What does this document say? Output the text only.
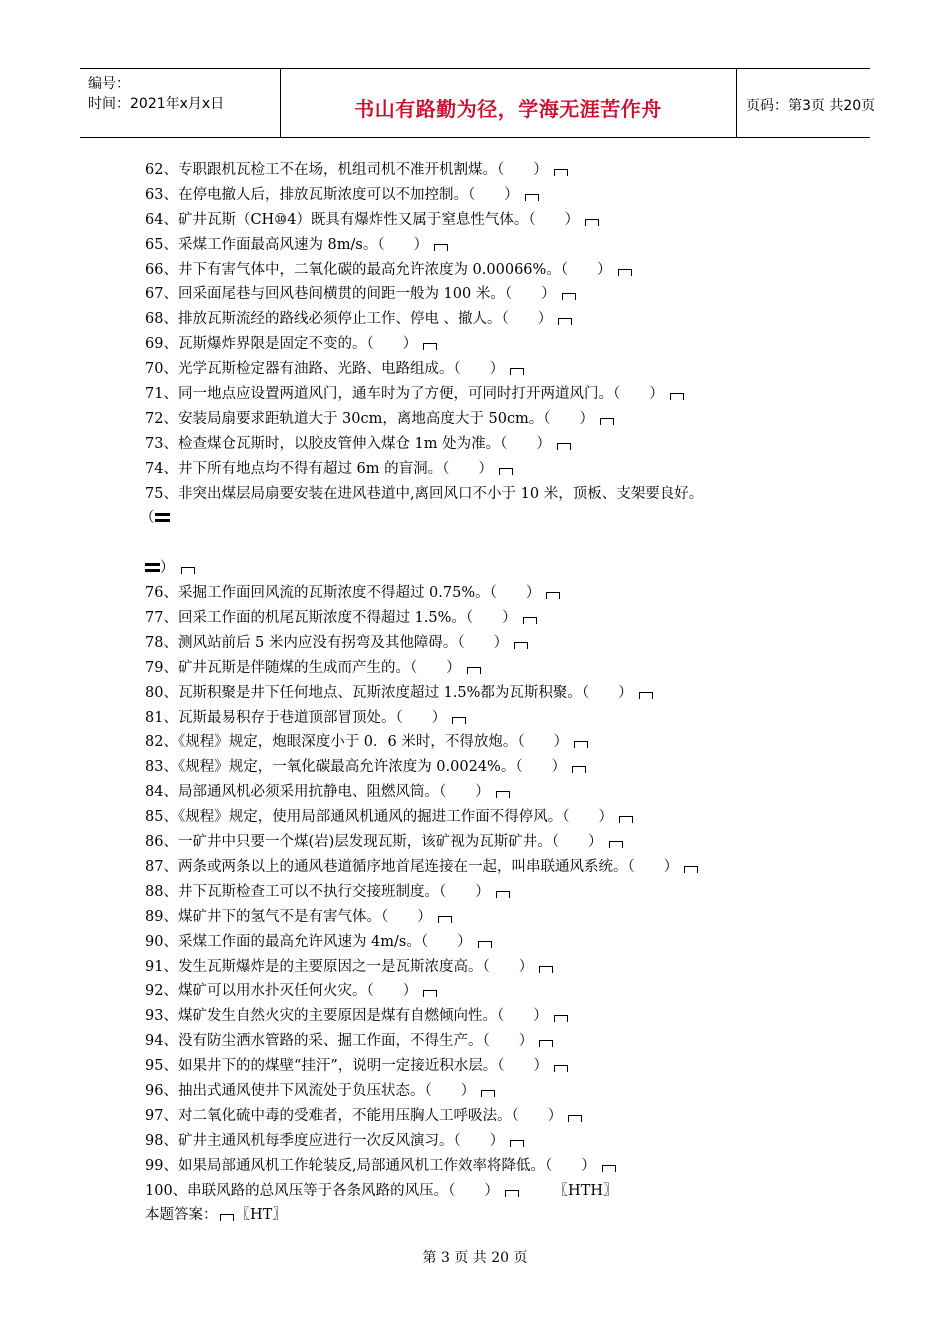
编号：
时间：2021年x月x日	书山有路勤为径，学海无涯苦作舟	页码：第3页 共20页
62、专职跟机瓦检工不在场，机组司机不准开机割煤。（　　）
63、在停电撤人后，排放瓦斯浓度可以不加控制。（　　）
64、矿井瓦斯（CH⑩4）既具有爆炸性又属于窒息性气体。（　　）
65、采煤工作面最高风速为 8m/s。（　　）
66、井下有害气体中，二氧化碳的最高允许浓度为 0.00066%。（　　）
67、回采面尾巷与回风巷间横贯的间距一般为 100 米。（　　）
68、排放瓦斯流经的路线必须停止工作、停电 、撤人。（　　）
69、瓦斯爆炸界限是固定不变的。（　　）
70、光学瓦斯检定器有油路、光路、电路组成。（　　）
71、同一地点应设置两道风门，通车时为了方便，可同时打开两道风门。（　　）
72、安装局扇要求距轨道大于 30cm，离地高度大于 50cm。（　　）
73、检查煤仓瓦斯时，以胶皮管伸入煤仓 1m 处为准。（　　）
74、井下所有地点均不得有超过 6m 的盲洞。（　　）
75、非突出煤层局扇要安装在进风巷道中,离回风口不小于 10 米，顶板、支架要良好。
（
）
76、采掘工作面回风流的瓦斯浓度不得超过 0.75%。（　　）
77、回采工作面的机尾瓦斯浓度不得超过 1.5%。（　　）
78、测风站前后 5 米内应没有拐弯及其他障碍。（　　）
79、矿井瓦斯是伴随煤的生成而产生的。（　　）
80、瓦斯积聚是井下任何地点、瓦斯浓度超过 1.5%都为瓦斯积聚。（　　）
81、瓦斯最易积存于巷道顶部冒顶处。（　　）
82、《规程》规定，炮眼深度小于 0．6 米时，不得放炮。（　　）
83、《规程》规定，一氧化碳最高允许浓度为 0.0024%。（　　）
84、局部通风机必须采用抗静电、阻燃风筒。（　　）
85、《规程》规定，使用局部通风机通风的掘进工作面不得停风。（　　）
86、一矿井中只要一个煤(岩)层发现瓦斯，该矿视为瓦斯矿井。（　　）
87、两条或两条以上的通风巷道循序地首尾连接在一起，叫串联通风系统。（　　）
88、井下瓦斯检查工可以不执行交接班制度。（　　）
89、煤矿井下的氢气不是有害气体。（　　）
90、采煤工作面的最高允许风速为 4m/s。（　　）
91、发生瓦斯爆炸是的主要原因之一是瓦斯浓度高。（　　）
92、煤矿可以用水扑灭任何火灾。（　　）
93、煤矿发生自然火灾的主要原因是煤有自燃倾向性。（　　）
94、没有防尘洒水管路的采、掘工作面，不得生产。（　　）
95、如果井下的的煤壁“挂汗”，说明一定接近积水层。（　　）
96、抽出式通风使井下风流处于负压状态。（　　）
97、对二氧化硫中毒的受难者，不能用压胸人工呼吸法。（　　）
98、矿井主通风机每季度应进行一次反风演习。（　　）
99、如果局部通风机工作轮装反,局部通风机工作效率将降低。（　　）
100、串联风路的总风压等于各条风路的风压。（　　）	〖HTH〗
本题答案： 〖HT〗
第 3 页 共 20 页
